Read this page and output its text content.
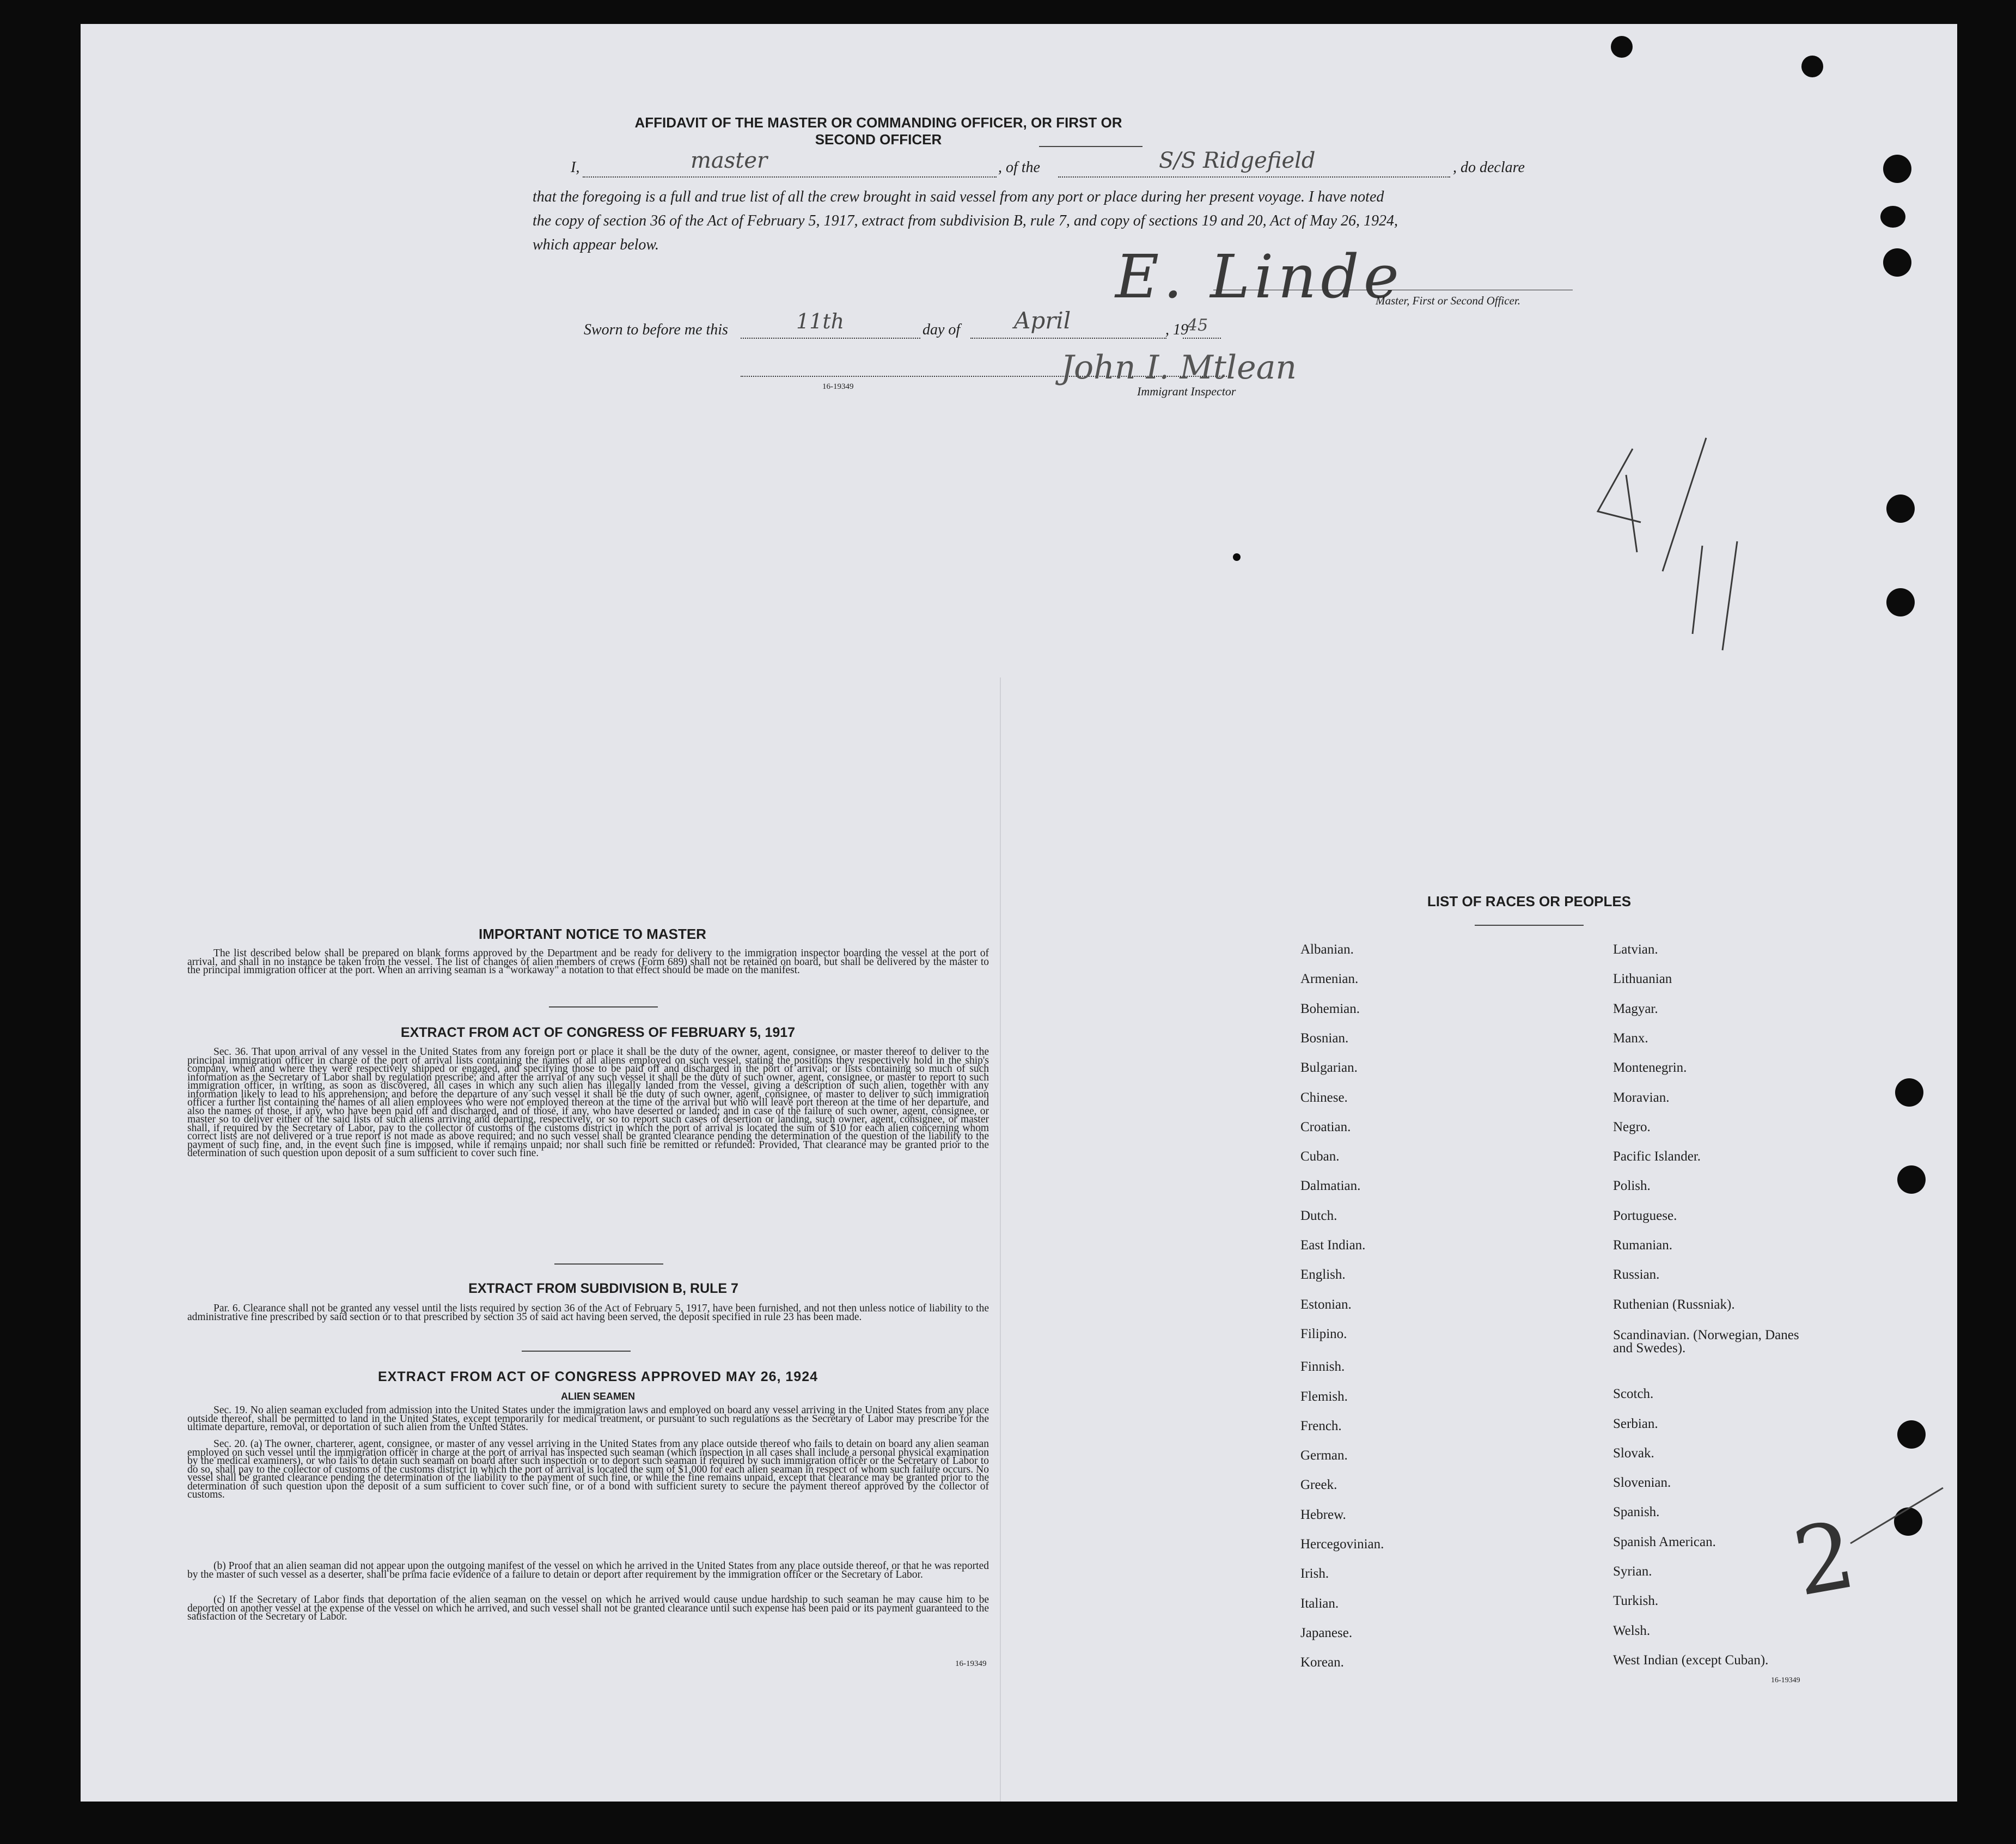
AFFIDAVIT OF THE MASTER OR COMMANDING OFFICER, OR FIRST OR SECOND OFFICER
I,	master	, of the	S/S Ridgefield	, do declare
that the foregoing is a full and true list of all the crew brought in said vessel from any port or place during her present voyage. I have noted
the copy of section 36 of the Act of February 5, 1917, extract from subdivision B, rule 7, and copy of sections 19 and 20, Act of May 26, 1924,
which appear below.	E. Linde
Master, First or Second Officer.
Sworn to before me this	11th	day of April	, 19
45
John I. Mtlean
16-19349	Immigrant Inspector
2
IMPORTANT NOTICE TO MASTER
The list described below shall be prepared on blank forms approved by the Department and be ready for delivery to the immigration inspector boarding the vessel at the port of arrival, and shall in no instance be taken from the vessel. The list of changes of alien members of crews (Form 689) shall not be retained on board, but shall be delivered by the master to the principal immigration officer at the port. When an arriving seaman is a "workaway" a notation to that effect should be made on the manifest.
EXTRACT FROM ACT OF CONGRESS OF FEBRUARY 5, 1917
Sec. 36. That upon arrival of any vessel in the United States from any foreign port or place it shall be the duty of the owner, agent, consignee, or master thereof to deliver to the principal immigration officer in charge of the port of arrival lists containing the names of all aliens employed on such vessel, stating the positions they respectively hold in the ship's company, when and where they were respectively shipped or engaged, and specifying those to be paid off and discharged in the port of arrival; or lists containing so much of such information as the Secretary of Labor shall by regulation prescribe; and after the arrival of any such vessel it shall be the duty of such owner, agent, consignee, or master to report to such immigration officer, in writing, as soon as discovered, all cases in which any such alien has illegally landed from the vessel, giving a description of such alien, together with any information likely to lead to his apprehension; and before the departure of any such vessel it shall be the duty of such owner, agent, consignee, or master to deliver to such immigration officer a further list containing the names of all alien employees who were not employed thereon at the time of the arrival but who will leave port thereon at the time of her departure, and also the names of those, if any, who have been paid off and discharged, and of those, if any, who have deserted or landed; and in case of the failure of such owner, agent, consignee, or master so to deliver either of the said lists of such aliens arriving and departing, respectively, or so to report such cases of desertion or landing, such owner, agent, consignee, or master shall, if required by the Secretary of Labor, pay to the collector of customs of the customs district in which the port of arrival is located the sum of $10 for each alien concerning whom correct lists are not delivered or a true report is not made as above required; and no such vessel shall be granted clearance pending the determination of the question of the liability to the payment of such fine, and, in the event such fine is imposed, while it remains unpaid; nor shall such fine be remitted or refunded: Provided, That clearance may be granted prior to the determination of such question upon deposit of a sum sufficient to cover such fine.
EXTRACT FROM SUBDIVISION B, RULE 7
Par. 6. Clearance shall not be granted any vessel until the lists required by section 36 of the Act of February 5, 1917, have been furnished, and not then unless notice of liability to the administrative fine prescribed by said section or to that prescribed by section 35 of said act having been served, the deposit specified in rule 23 has been made.
EXTRACT FROM ACT OF CONGRESS APPROVED MAY 26, 1924
ALIEN SEAMEN
Sec. 19. No alien seaman excluded from admission into the United States under the immigration laws and employed on board any vessel arriving in the United States from any place outside thereof, shall be permitted to land in the United States, except temporarily for medical treatment, or pursuant to such regulations as the Secretary of Labor may prescribe for the ultimate departure, removal, or deportation of such alien from the United States.
Sec. 20. (a) The owner, charterer, agent, consignee, or master of any vessel arriving in the United States from any place outside thereof who fails to detain on board any alien seaman employed on such vessel until the immigration officer in charge at the port of arrival has inspected such seaman (which inspection in all cases shall include a personal physical examination by the medical examiners), or who fails to detain such seaman on board after such inspection or to deport such seaman if required by such immigration officer or the Secretary of Labor to do so, shall pay to the collector of customs of the customs district in which the port of arrival is located the sum of $1,000 for each alien seaman in respect of whom such failure occurs. No vessel shall be granted clearance pending the determination of the liability to the payment of such fine, or while the fine remains unpaid, except that clearance may be granted prior to the determination of such question upon the deposit of a sum sufficient to cover such fine, or of a bond with sufficient surety to secure the payment thereof approved by the collector of customs.
(b) Proof that an alien seaman did not appear upon the outgoing manifest of the vessel on which he arrived in the United States from any place outside thereof, or that he was reported by the master of such vessel as a deserter, shall be prima facie evidence of a failure to detain or deport after requirement by the immigration officer or the Secretary of Labor.
(c) If the Secretary of Labor finds that deportation of the alien seaman on the vessel on which he arrived would cause undue hardship to such seaman he may cause him to be deported on another vessel at the expense of the vessel on which he arrived, and such vessel shall not be granted clearance until such expense has been paid or its payment guaranteed to the satisfaction of the Secretary of Labor.
16-19349
LIST OF RACES OR PEOPLES
16-19349
Albanian.
Armenian.
Bohemian.
Bosnian.
Bulgarian.
Chinese.
Croatian.
Cuban.
Dalmatian.
Dutch.
East Indian.
English.
Estonian.
Filipino.
Finnish.
Flemish.
French.
German.
Greek.
Hebrew.
Hercegovinian.
Irish.
Italian.
Japanese.
Korean.
Latvian.
Lithuanian
Magyar.
Manx.
Montenegrin.
Moravian.
Negro.
Pacific Islander.
Polish.
Portuguese.
Rumanian.
Russian.
Ruthenian (Russniak).
Scandinavian. (Norwegian, Danes and Swedes).
Scotch.
Serbian.
Slovak.
Slovenian.
Spanish.
Spanish American.
Syrian.
Turkish.
Welsh.
West Indian (except Cuban).
